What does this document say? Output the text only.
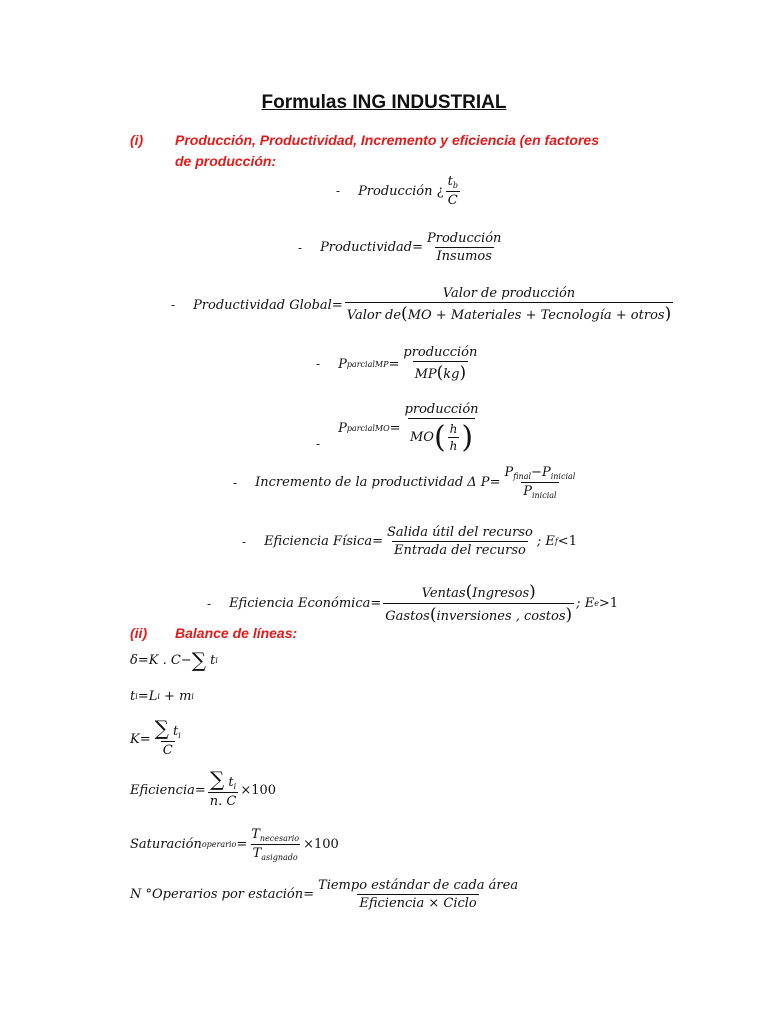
Formulas ING INDUSTRIAL
(i) Producción, Productividad, Incremento y eficiencia (en factores de producción:
- Producción
¿ $\frac{t_b}{C}$
- Productividad = $\frac{\text{Producción}}{\text{Insumos}}$
- Productividad Global = $\frac{\text{Valor de producción}}{\text{Valor de(MO + Materiales + Tecnología + otros)}}$
- P parcialMP = $\frac{\text{producción}}{MP(kg)}$
-
P parcialMO = $\frac{\text{producción}}{MO ( \frac{h}{h} )}$
- Incremento de la productividad
Δ $P = \frac{P_{final}-P_{inicial}}{P_{inicial}}$
- Eficiencia Física = $\frac{\text{Salida útil del recurso}}{\text{Entrada del recurso}}$ ; E f <1
- Eficiencia Económica = $\frac{\text{Ventas(Ingresos)}}{\text{Gastos(inversiones , costos)}}$ ; E e >1
(ii) Balance de líneas:
δ = K . C − ∑
t i
t i = L i + m i
$K = \frac{\sum t_i}{C}$
Eficiencia = $\frac{\sum t_i}{n. C} \times 100$
Saturación operario = $\frac{T_{necesario}}{T_{asignado}} \times 100$
N °Operarios por estación = $\frac{\text{Tiempo estándar de cada área}}{\text{Eficiencia × Ciclo}}$
